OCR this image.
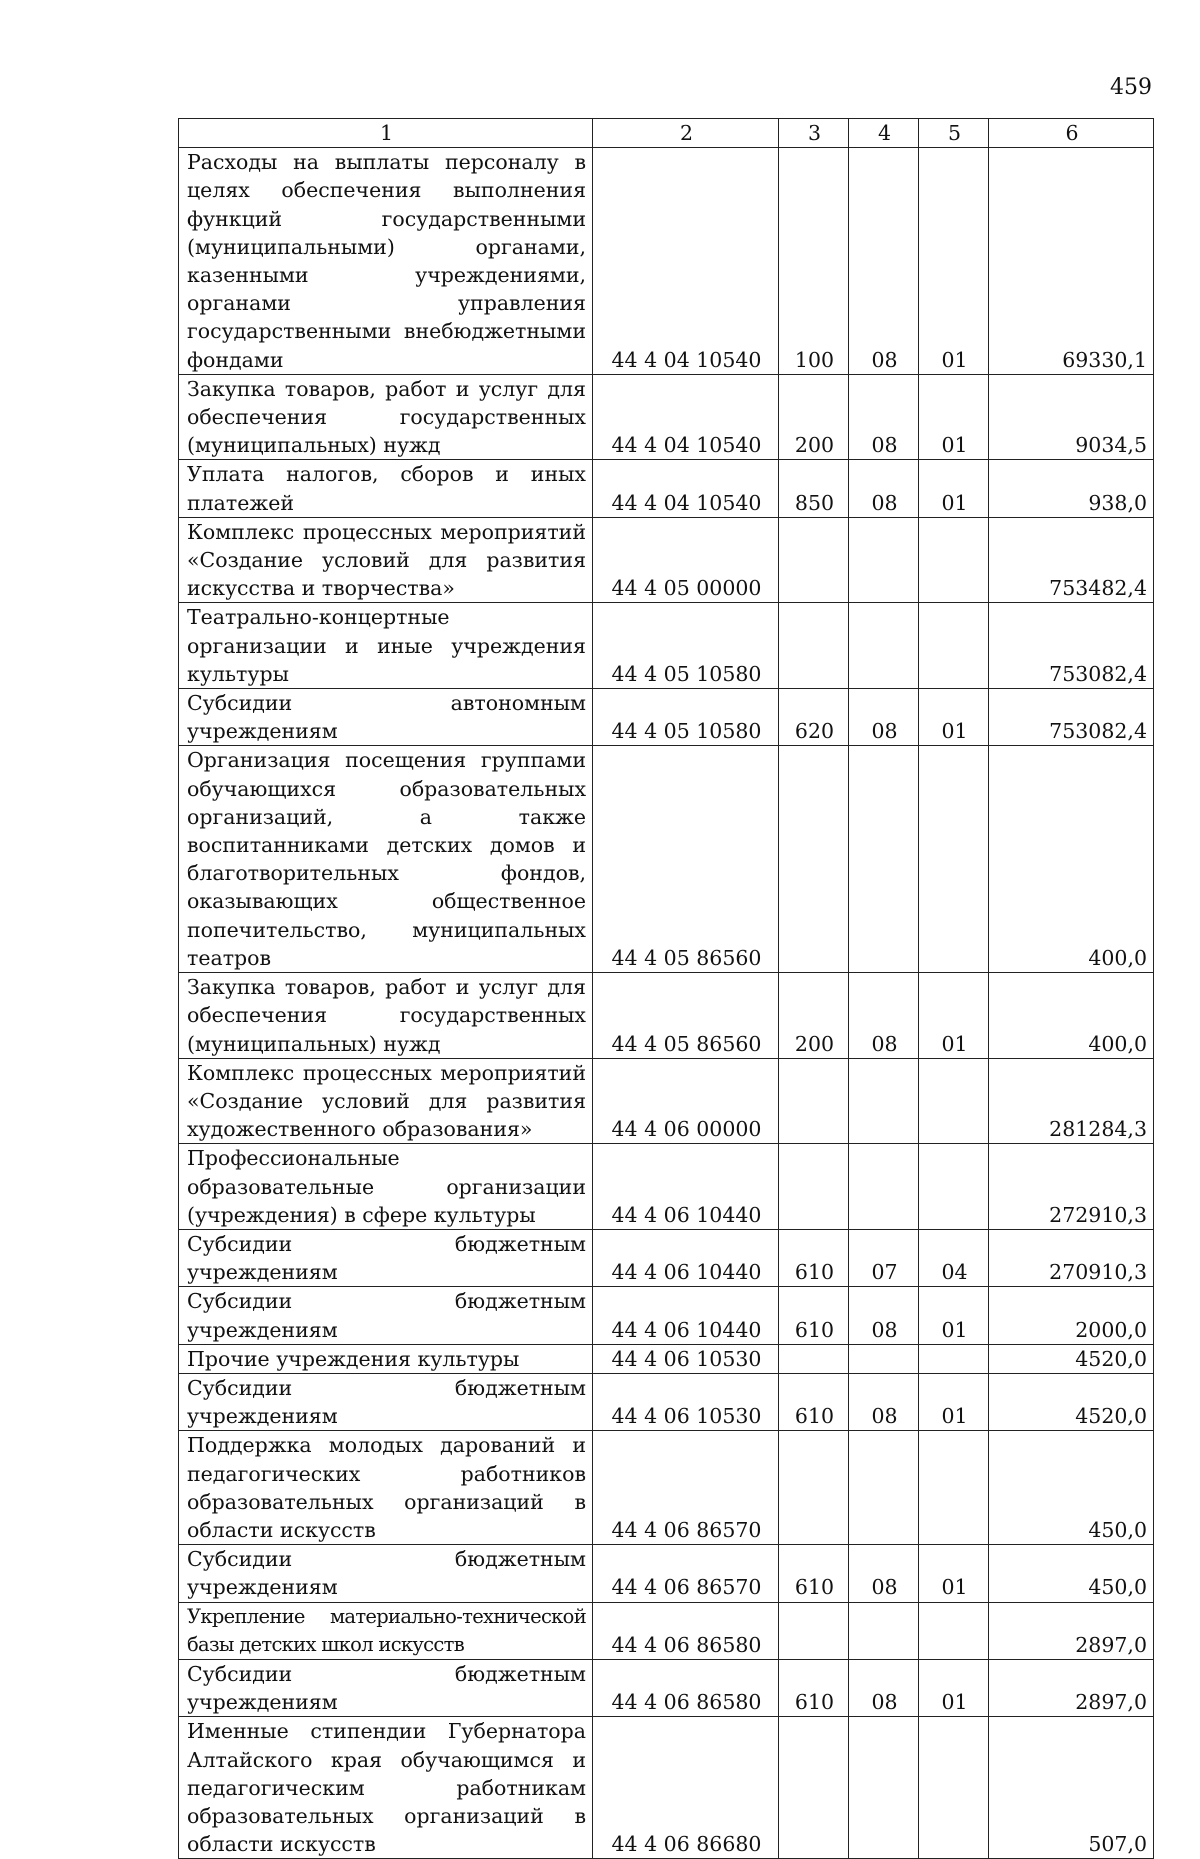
459
1	2	3	4	5	6
Расходы на выплаты персоналу в целях обеспечения выполнения функций государственными (муниципальными) органами, казенными учреждениями, органами управления государственными внебюджетными фондами	44 4 04 10540	100	08	01	69330,1
Закупка товаров, работ и услуг для обеспечения государственных (муниципальных) нужд	44 4 04 10540	200	08	01	9034,5
Уплата налогов, сборов и иных платежей	44 4 04 10540	850	08	01	938,0
Комплекс процессных мероприятий «Создание условий для развития искусства и творчества»	44 4 05 00000				753482,4
Театрально-концертные организации и иные учреждения культуры	44 4 05 10580				753082,4
Субсидии автономным учреждениям	44 4 05 10580	620	08	01	753082,4
Организация посещения группами обучающихся образовательных организаций, а также воспитанниками детских домов и благотворительных фондов, оказывающих общественное попечительство, муниципальных театров	44 4 05 86560				400,0
Закупка товаров, работ и услуг для обеспечения государственных (муниципальных) нужд	44 4 05 86560	200	08	01	400,0
Комплекс процессных мероприятий «Создание условий для развития художественного образования»	44 4 06 00000				281284,3
Профессиональные образовательные организации (учреждения) в сфере культуры	44 4 06 10440				272910,3
Субсидии бюджетным учреждениям	44 4 06 10440	610	07	04	270910,3
Субсидии бюджетным учреждениям	44 4 06 10440	610	08	01	2000,0
Прочие учреждения культуры	44 4 06 10530				4520,0
Субсидии бюджетным учреждениям	44 4 06 10530	610	08	01	4520,0
Поддержка молодых дарований и педагогических работников образовательных организаций в области искусств	44 4 06 86570				450,0
Субсидии бюджетным учреждениям	44 4 06 86570	610	08	01	450,0
Укрепление материально-технической базы детских школ искусств	44 4 06 86580				2897,0
Субсидии бюджетным учреждениям	44 4 06 86580	610	08	01	2897,0
Именные стипендии Губернатора Алтайского края обучающимся и педагогическим работникам образовательных организаций в области искусств	44 4 06 86680				507,0
